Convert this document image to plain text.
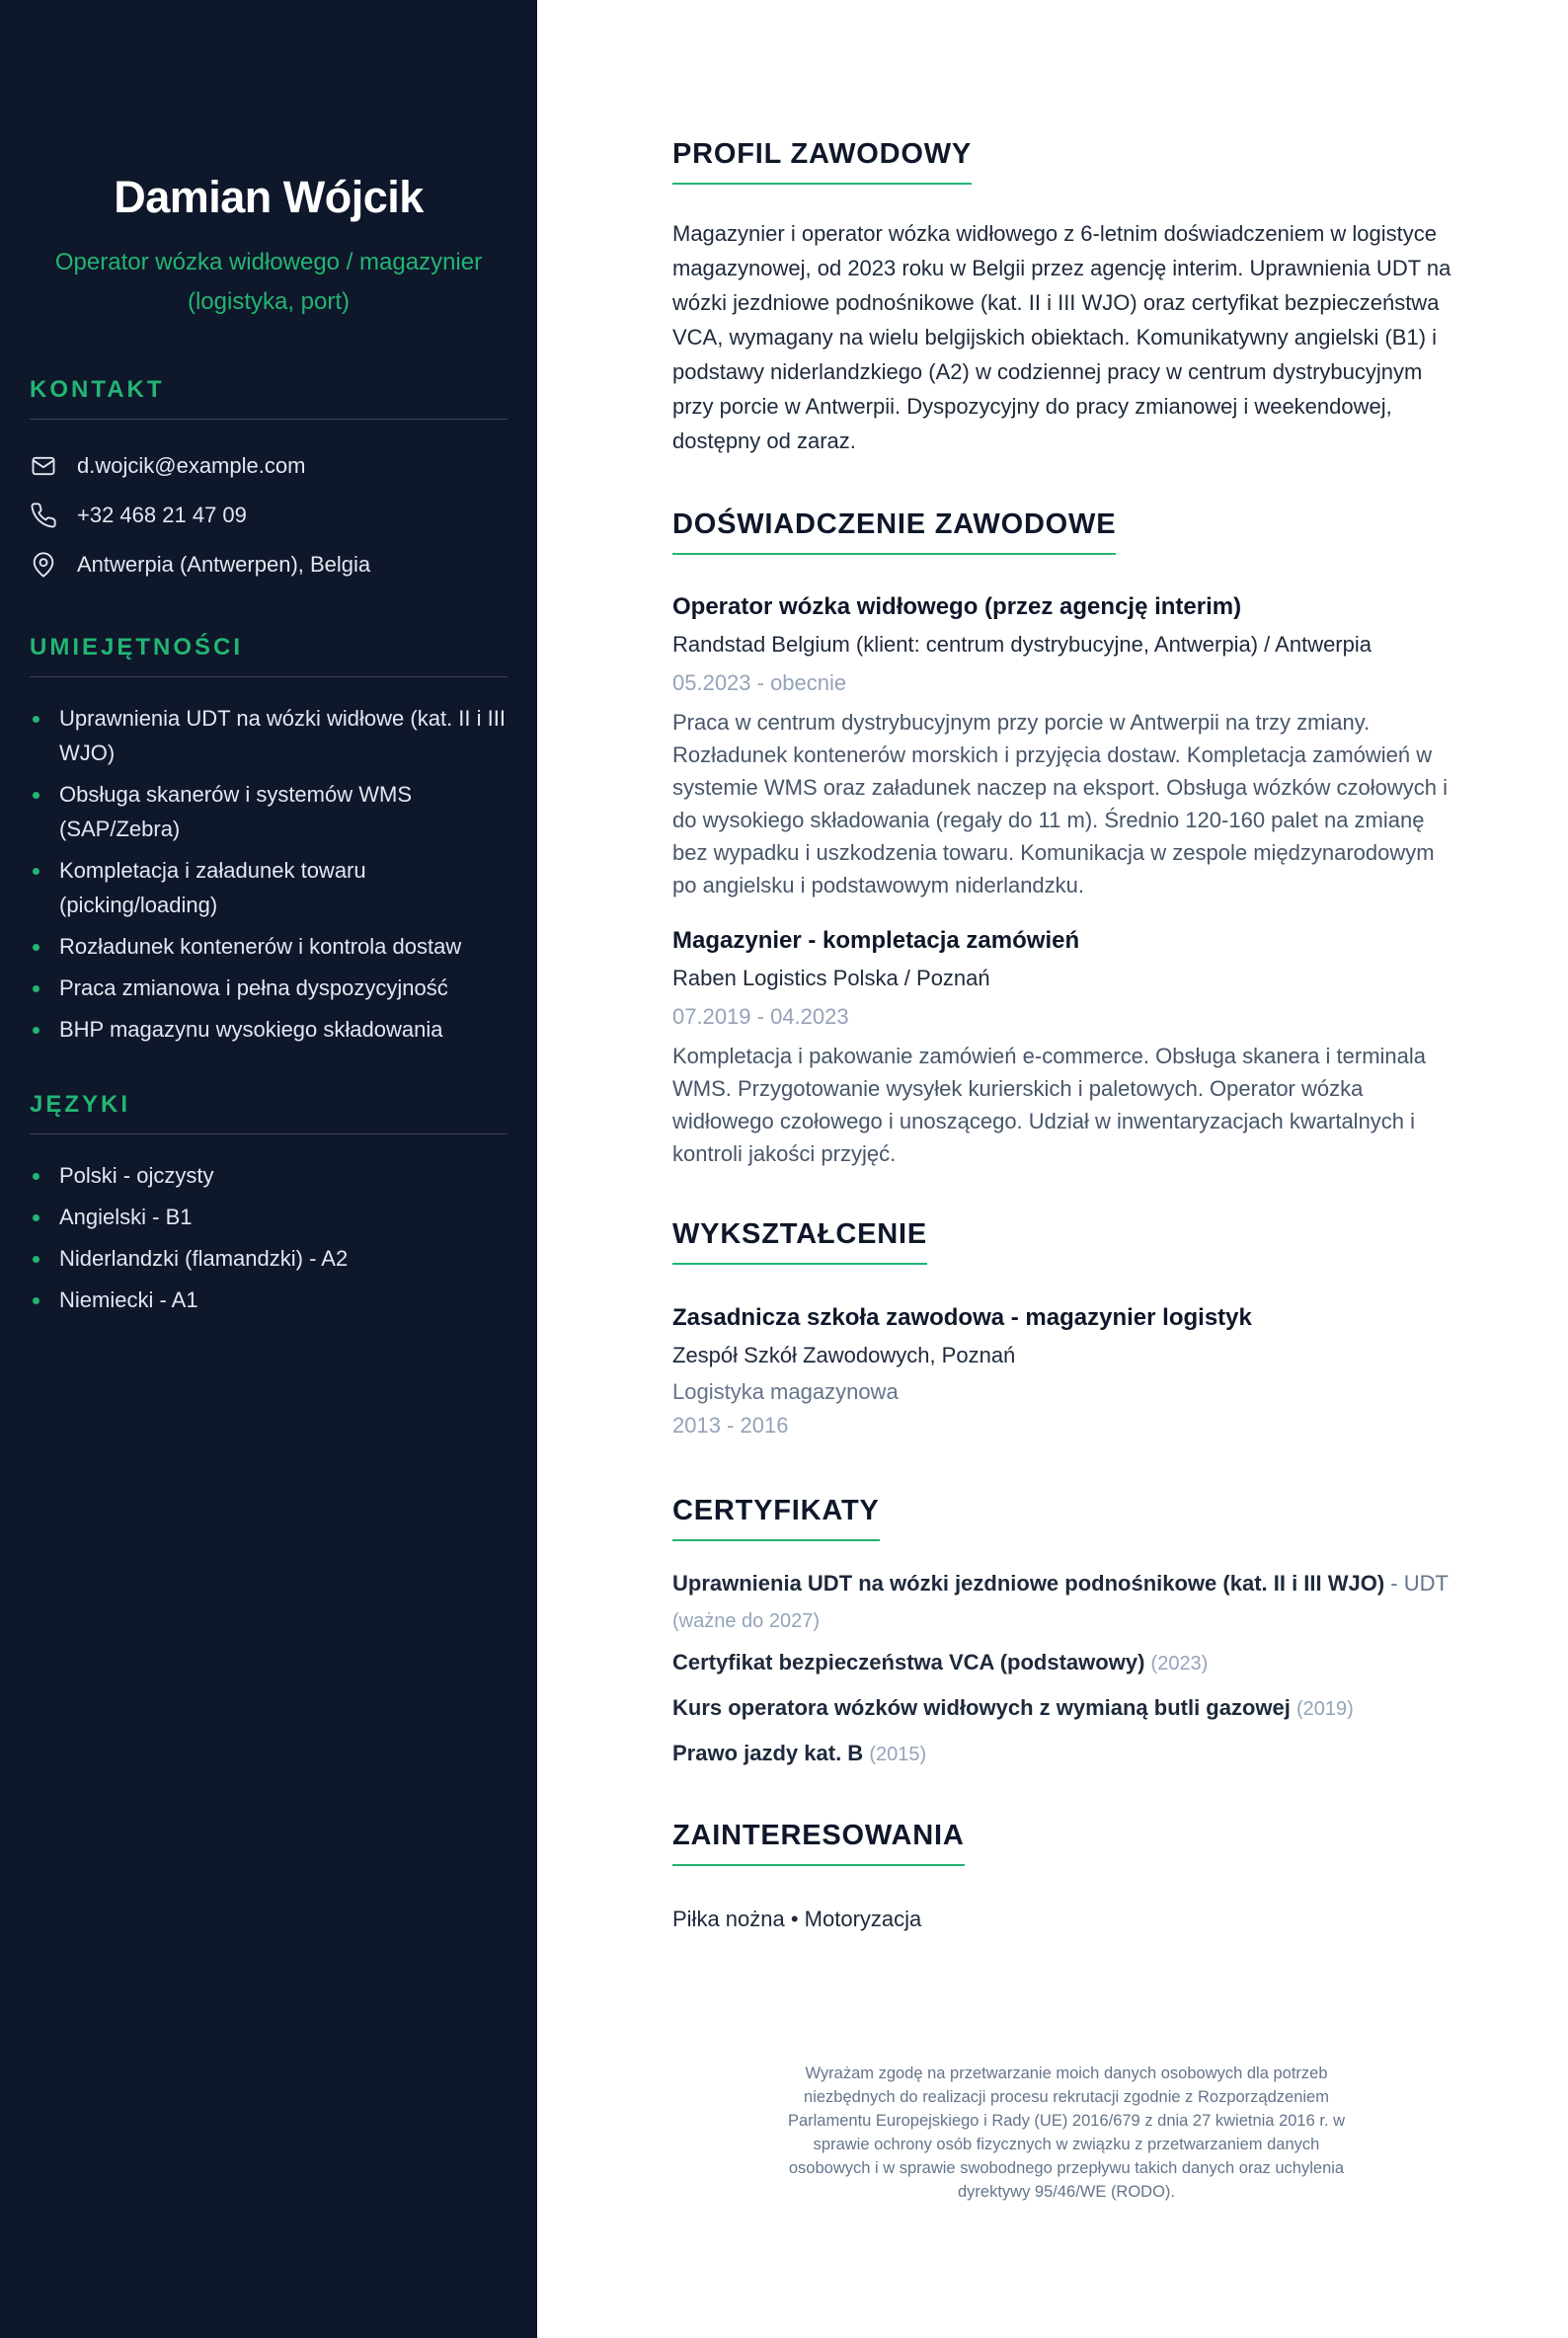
Damian Wójcik
Operator wózka widłowego / magazynier (logistyka, port)
KONTAKT
d.wojcik@example.com
+32 468 21 47 09
Antwerpia (Antwerpen), Belgia
UMIEJĘTNOŚCI
Uprawnienia UDT na wózki widłowe (kat. II i III WJO)
Obsługa skanerów i systemów WMS (SAP/Zebra)
Kompletacja i załadunek towaru (picking/loading)
Rozładunek kontenerów i kontrola dostaw
Praca zmianowa i pełna dyspozycyjność
BHP magazynu wysokiego składowania
JĘZYKI
Polski - ojczysty
Angielski - B1
Niderlandzki (flamandzki) - A2
Niemiecki - A1
PROFIL ZAWODOWY

Magazynier i operator wózka widłowego z 6-letnim doświadczeniem w logistyce magazynowej, od 2023 roku w Belgii przez agencję interim. Uprawnienia UDT na wózki jezdniowe podnośnikowe (kat. II i III WJO) oraz certyfikat bezpieczeństwa VCA, wymagany na wielu belgijskich obiektach. Komunikatywny angielski (B1) i podstawy niderlandzkiego (A2) w codziennej pracy w centrum dystrybucyjnym przy porcie w Antwerpii. Dyspozycyjny do pracy zmianowej i weekendowej, dostępny od zaraz.

DOŚWIADCZENIE ZAWODOWE
Operator wózka widłowego (przez agencję interim)
Randstad Belgium (klient: centrum dystrybucyjne, Antwerpia) / Antwerpia
05.2023 - obecnie
Praca w centrum dystrybucyjnym przy porcie w Antwerpii na trzy zmiany. Rozładunek kontenerów morskich i przyjęcia dostaw. Kompletacja zamówień w systemie WMS oraz załadunek naczep na eksport. Obsługa wózków czołowych i do wysokiego składowania (regały do 11 m). Średnio 120-160 palet na zmianę bez wypadku i uszkodzenia towaru. Komunikacja w zespole międzynarodowym po angielsku i podstawowym niderlandzku.
Magazynier - kompletacja zamówień
Raben Logistics Polska / Poznań
07.2019 - 04.2023
Kompletacja i pakowanie zamówień e-commerce. Obsługa skanera i terminala WMS. Przygotowanie wysyłek kurierskich i paletowych. Operator wózka widłowego czołowego i unoszącego. Udział w inwentaryzacjach kwartalnych i kontroli jakości przyjęć.
WYKSZTAŁCENIE
Zasadnicza szkoła zawodowa - magazynier logistyk
Zespół Szkół Zawodowych, Poznań
Logistyka magazynowa
2013 - 2016
CERTYFIKATY
Uprawnienia UDT na wózki jezdniowe podnośnikowe (kat. II i III WJO) - UDT
(ważne do 2027)
Certyfikat bezpieczeństwa VCA (podstawowy) (2023)
Kurs operatora wózków widłowych z wymianą butli gazowej (2019)
Prawo jazdy kat. B (2015)
ZAINTERESOWANIA
Piłka nożna • Motoryzacja
Wyrażam zgodę na przetwarzanie moich danych osobowych dla potrzeb niezbędnych do realizacji procesu rekrutacji zgodnie z Rozporządzeniem Parlamentu Europejskiego i Rady (UE) 2016/679 z dnia 27 kwietnia 2016 r. w sprawie ochrony osób fizycznych w związku z przetwarzaniem danych osobowych i w sprawie swobodnego przepływu takich danych oraz uchylenia dyrektywy 95/46/WE (RODO).
